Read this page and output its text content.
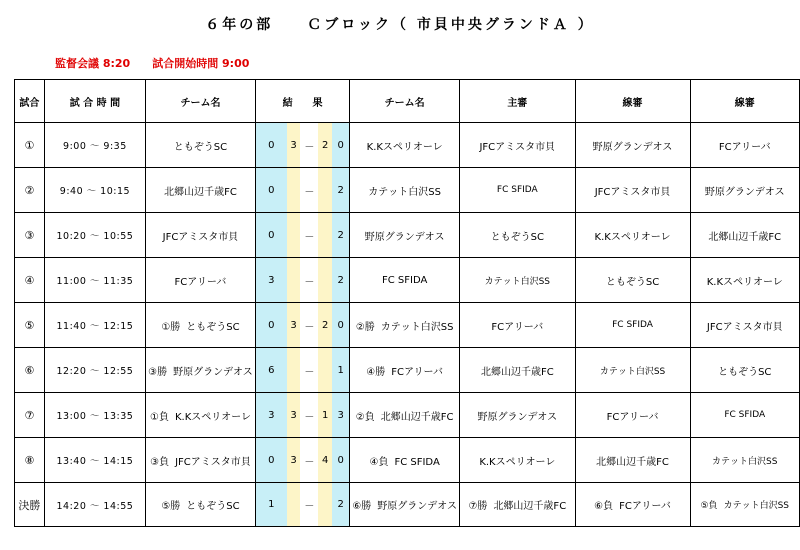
６年の部　　Ｃブロック（ 市貝中央グランドＡ ）
監督会議 8:20　　試合開始時間 9:00
試合	試 合 時 間	チーム名	結　　果					チーム名	主審	線審	線審
①	9:00 ～ 9:35	ともぞうSC	0	3	－	2	0	K.Kスペリオーレ	JFCアミスタ市貝	野原グランデオス	FCアリーバ
②	9:40 ～ 10:15	北郷山辺千歳FC	0		－		2	カテット白沢SS	FC SFIDA	JFCアミスタ市貝	野原グランデオス
③	10:20 ～ 10:55	JFCアミスタ市貝	0		－		2	野原グランデオス	ともぞうSC	K.Kスペリオーレ	北郷山辺千歳FC
④	11:00 ～ 11:35	FCアリーバ	3		－		2	FC SFIDA	カテット白沢SS	ともぞうSC	K.Kスペリオーレ
⑤	11:40 ～ 12:15	①勝 ともぞうSC	0	3	－	2	0	②勝 カテット白沢SS	FCアリーバ	FC SFIDA	JFCアミスタ市貝
⑥	12:20 ～ 12:55	③勝 野原グランデオス	6		－		1	④勝 FCアリーバ	北郷山辺千歳FC	カテット白沢SS	ともぞうSC
⑦	13:00 ～ 13:35	①負 K.Kスペリオーレ	3	3	－	1	3	②負 北郷山辺千歳FC	野原グランデオス	FCアリーバ	FC SFIDA
⑧	13:40 ～ 14:15	③負 JFCアミスタ市貝	0	3	－	4	0	④負 FC SFIDA	K.Kスペリオーレ	北郷山辺千歳FC	カテット白沢SS
決勝	14:20 ～ 14:55	⑤勝 ともぞうSC	1		－		2	⑥勝 野原グランデオス	⑦勝 北郷山辺千歳FC	⑥負 FCアリーバ	⑤負 カテット白沢SS
